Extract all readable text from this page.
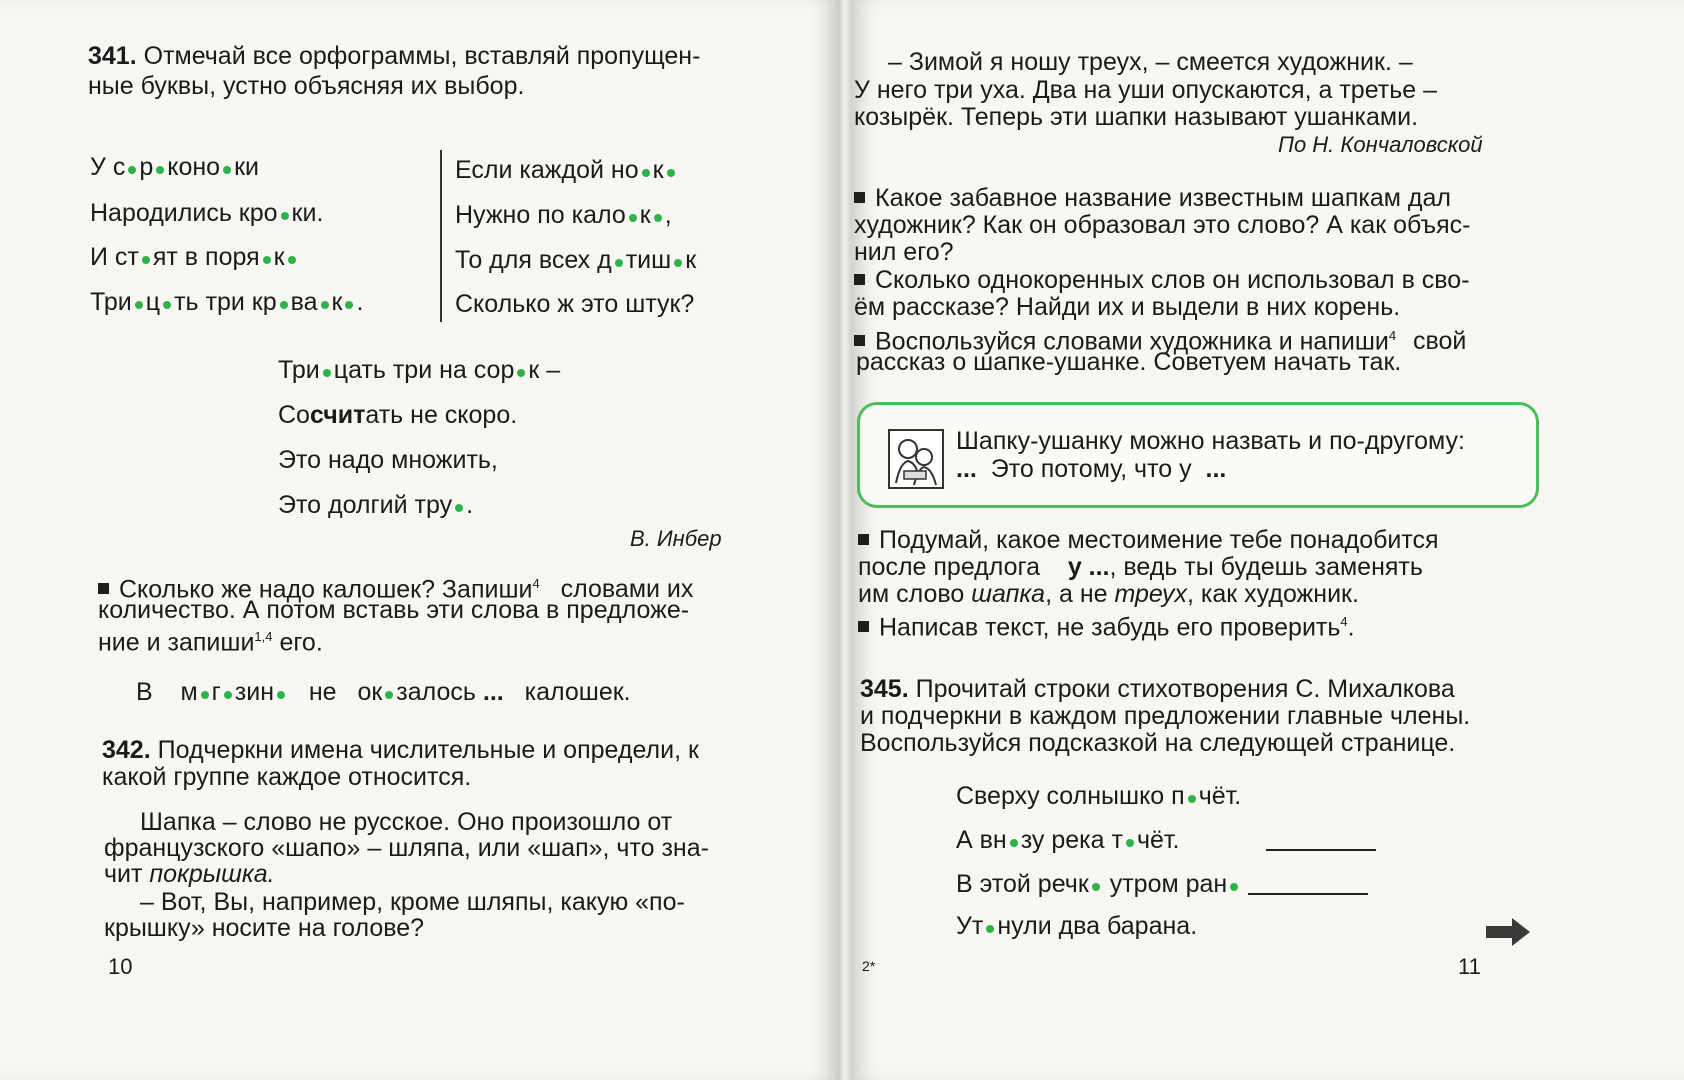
341. Отмечай все орфограммы, вставляй пропущен-
ные буквы, устно объясняя их выбор.
У с р коно ки
Народились кро ки.
И ст ят в поря к
Три ц ть три кр ва к .
Если каждой но к
Нужно по кало к ,
То для всех д тиш к
Сколько ж это штук?
Три цать три на сор к –
Сосчитать не скоро.
Это надо множить,
Это долгий тру .
В. Инбер
Сколько же надо калошек? Запиши$^4$ словами их
количество. А потом вставь эти слова в предложе-
ние и запиши$^{1,4}$ его.
В м г зин не ок залось ... калошек.
342. Подчеркни имена числительные и определи, к
какой группе каждое относится.
Шапка – слово не русское. Оно произошло от
французского «шапо» – шляпа, или «шап», что зна-
чит покрышка.
– Вот, Вы, например, кроме шляпы, какую «по-
крышку» носите на голове?
10
– Зимой я ношу треух, – смеется художник. –
У него три уха. Два на уши опускаются, а третье –
козырёк. Теперь эти шапки называют ушанками.
По Н. Кончаловской
Какое забавное название известным шапкам дал
художник? Как он образовал это слово? А как объяс-
нил его?
Сколько однокоренных слов он использовал в сво-
ём рассказе? Найди их и выдели в них корень.
Воспользуйся словами художника и напиши$^4$ свой
рассказ о шапке-ушанке. Советуем начать так.
Шапку-ушанку можно назвать и по-другому:
... Это потому, что у ...
Подумай, какое местоимение тебе понадобится
после предлога у ..., ведь ты будешь заменять
им слово шапка, а не треух, как художник.
Написав текст, не забудь его проверить$^4$.
345. Прочитай строки стихотворения С. Михалкова
и подчеркни в каждом предложении главные члены.
Воспользуйся подсказкой на следующей странице.
Сверху солнышко п чёт.
А вн зу река т чёт.
В этой речк утром ран
Ут нули два барана.
2*	11
